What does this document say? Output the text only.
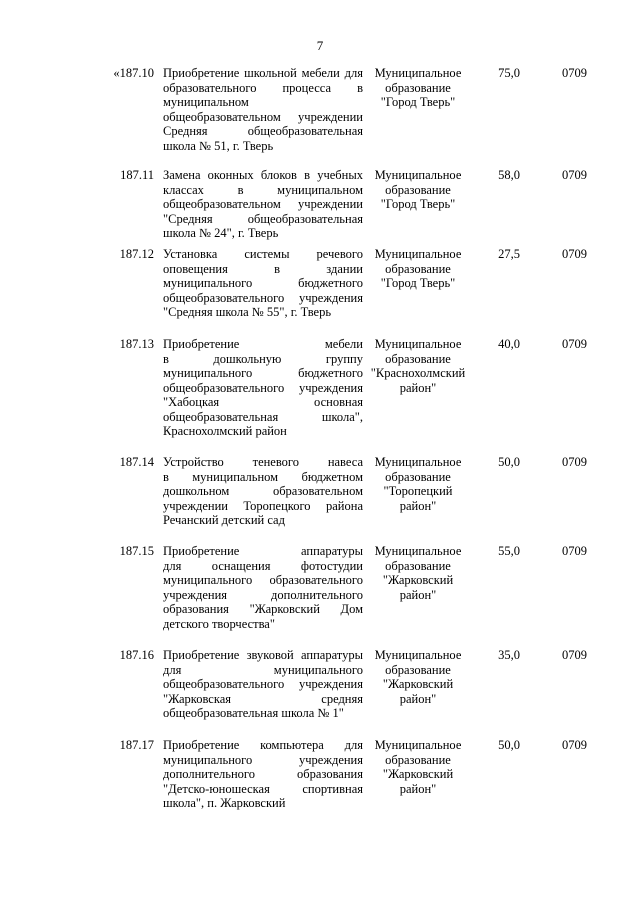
7
«187.10 Приобретение школьной мебели для
образовательного процесса в
муниципальном
общеобразовательном учреждении
Средняя общеобразовательная
школа № 51, г. Тверь
Муниципальное
образование
"Город Тверь"
75,0	0709
187.11 Замена оконных блоков в учебных
классах в муниципальном
общеобразовательном учреждении
"Средняя общеобразовательная
школа № 24", г. Тверь
Муниципальное
образование
"Город Тверь"
58,0	0709
187.12 Установка системы речевого
оповещения в здании
муниципального бюджетного
общеобразовательного учреждения
"Средняя школа № 55", г. Тверь
Муниципальное
образование
"Город Тверь"
27,5	0709
187.13 Приобретение мебели
в дошкольную группу
муниципального бюджетного
общеобразовательного учреждения
"Хабоцкая основная
общеобразовательная школа",
Краснохолмский район
Муниципальное
образование
"Краснохолмский
район"
40,0	0709
187.14 Устройство теневого навеса
в муниципальном бюджетном
дошкольном образовательном
учреждении Торопецкого района
Речанский детский сад
Муниципальное
образование
"Торопецкий
район"
50,0	0709
187.15 Приобретение аппаратуры
для оснащения фотостудии
муниципального образовательного
учреждения дополнительного
образования "Жарковский Дом
детского творчества"
Муниципальное
образование
"Жарковский
район"
55,0	0709
187.16 Приобретение звуковой аппаратуры
для муниципального
общеобразовательного учреждения
"Жарковская средняя
общеобразовательная школа № 1"
Муниципальное
образование
"Жарковский
район"
35,0	0709
187.17 Приобретение компьютера для
муниципального учреждения
дополнительного образования
"Детско-юношеская спортивная
школа", п. Жарковский
Муниципальное
образование
"Жарковский
район"
50,0	0709
